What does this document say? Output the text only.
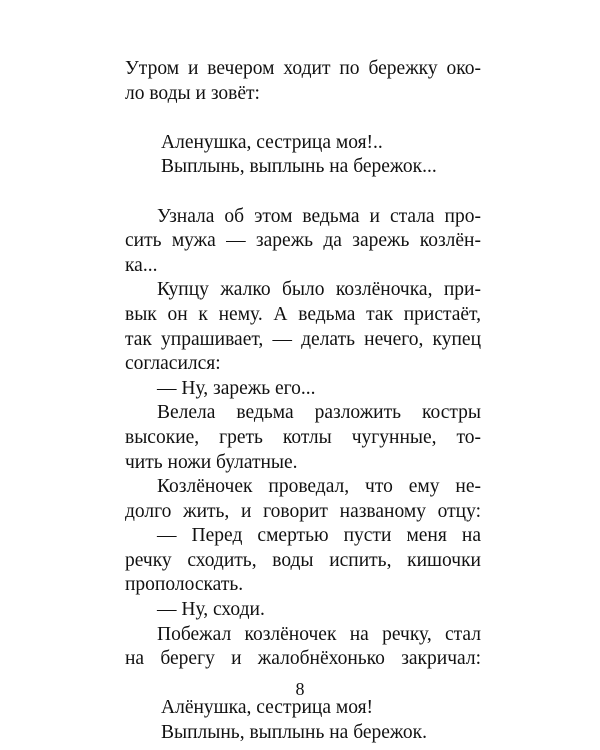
Утром и вечером ходит по бережку око-
ло воды и зовёт:
Аленушка, сестрица моя!..
Выплынь, выплынь на бережок...
Узнала об этом ведьма и стала про-
сить мужа — зарежь да зарежь козлён-
ка...
Купцу жалко было козлёночка, при-
вык он к нему. А ведьма так пристаёт,
так упрашивает, — делать нечего, купец
согласился:
— Ну, зарежь его...
Велела ведьма разложить костры
высокие, греть котлы чугунные, то-
чить ножи булатные.
Козлёночек проведал, что ему не-
долго жить, и говорит названому отцу:
— Перед смертью пусти меня на
речку сходить, воды испить, кишочки
прополоскать.
— Ну, сходи.
Побежал козлёночек на речку, стал
на берегу и жалобнёхонько закричал:
Алёнушка, сестрица моя!
Выплынь, выплынь на бережок.
8
